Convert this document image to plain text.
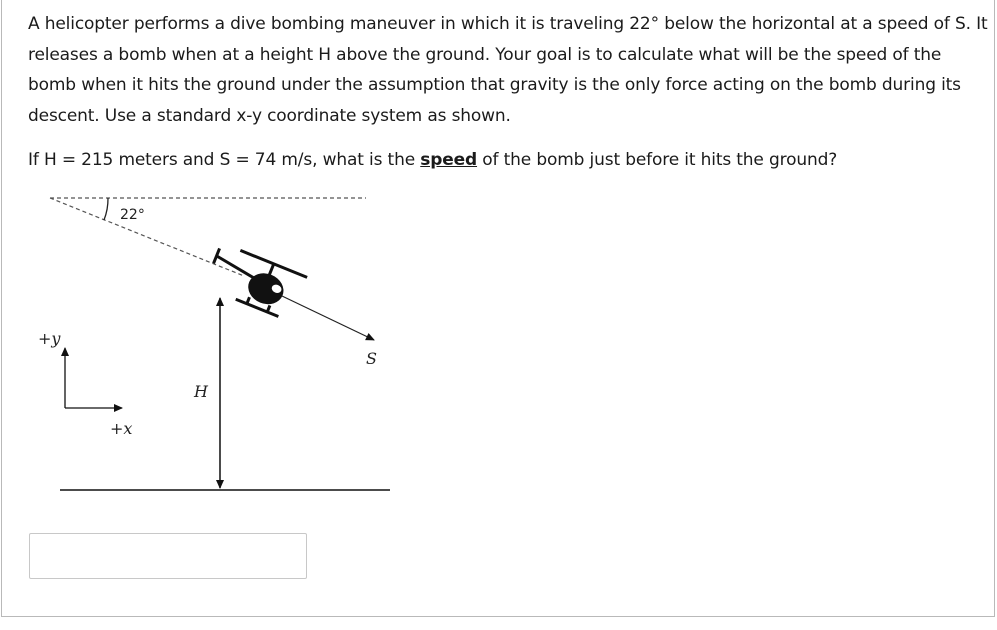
A helicopter performs a dive bombing maneuver in which it is traveling 22° below the horizontal at a speed of S. It releases a bomb when at a height H above the ground. Your goal is to calculate what will be the speed of the bomb when it hits the ground under the assumption that gravity is the only force acting on the bomb during its descent. Use a standard x-y coordinate system as shown.

If H = 215 meters and S = 74 m/s, what is the speed of the bomb just before it hits the ground?

22°
S
H
+y
+x
